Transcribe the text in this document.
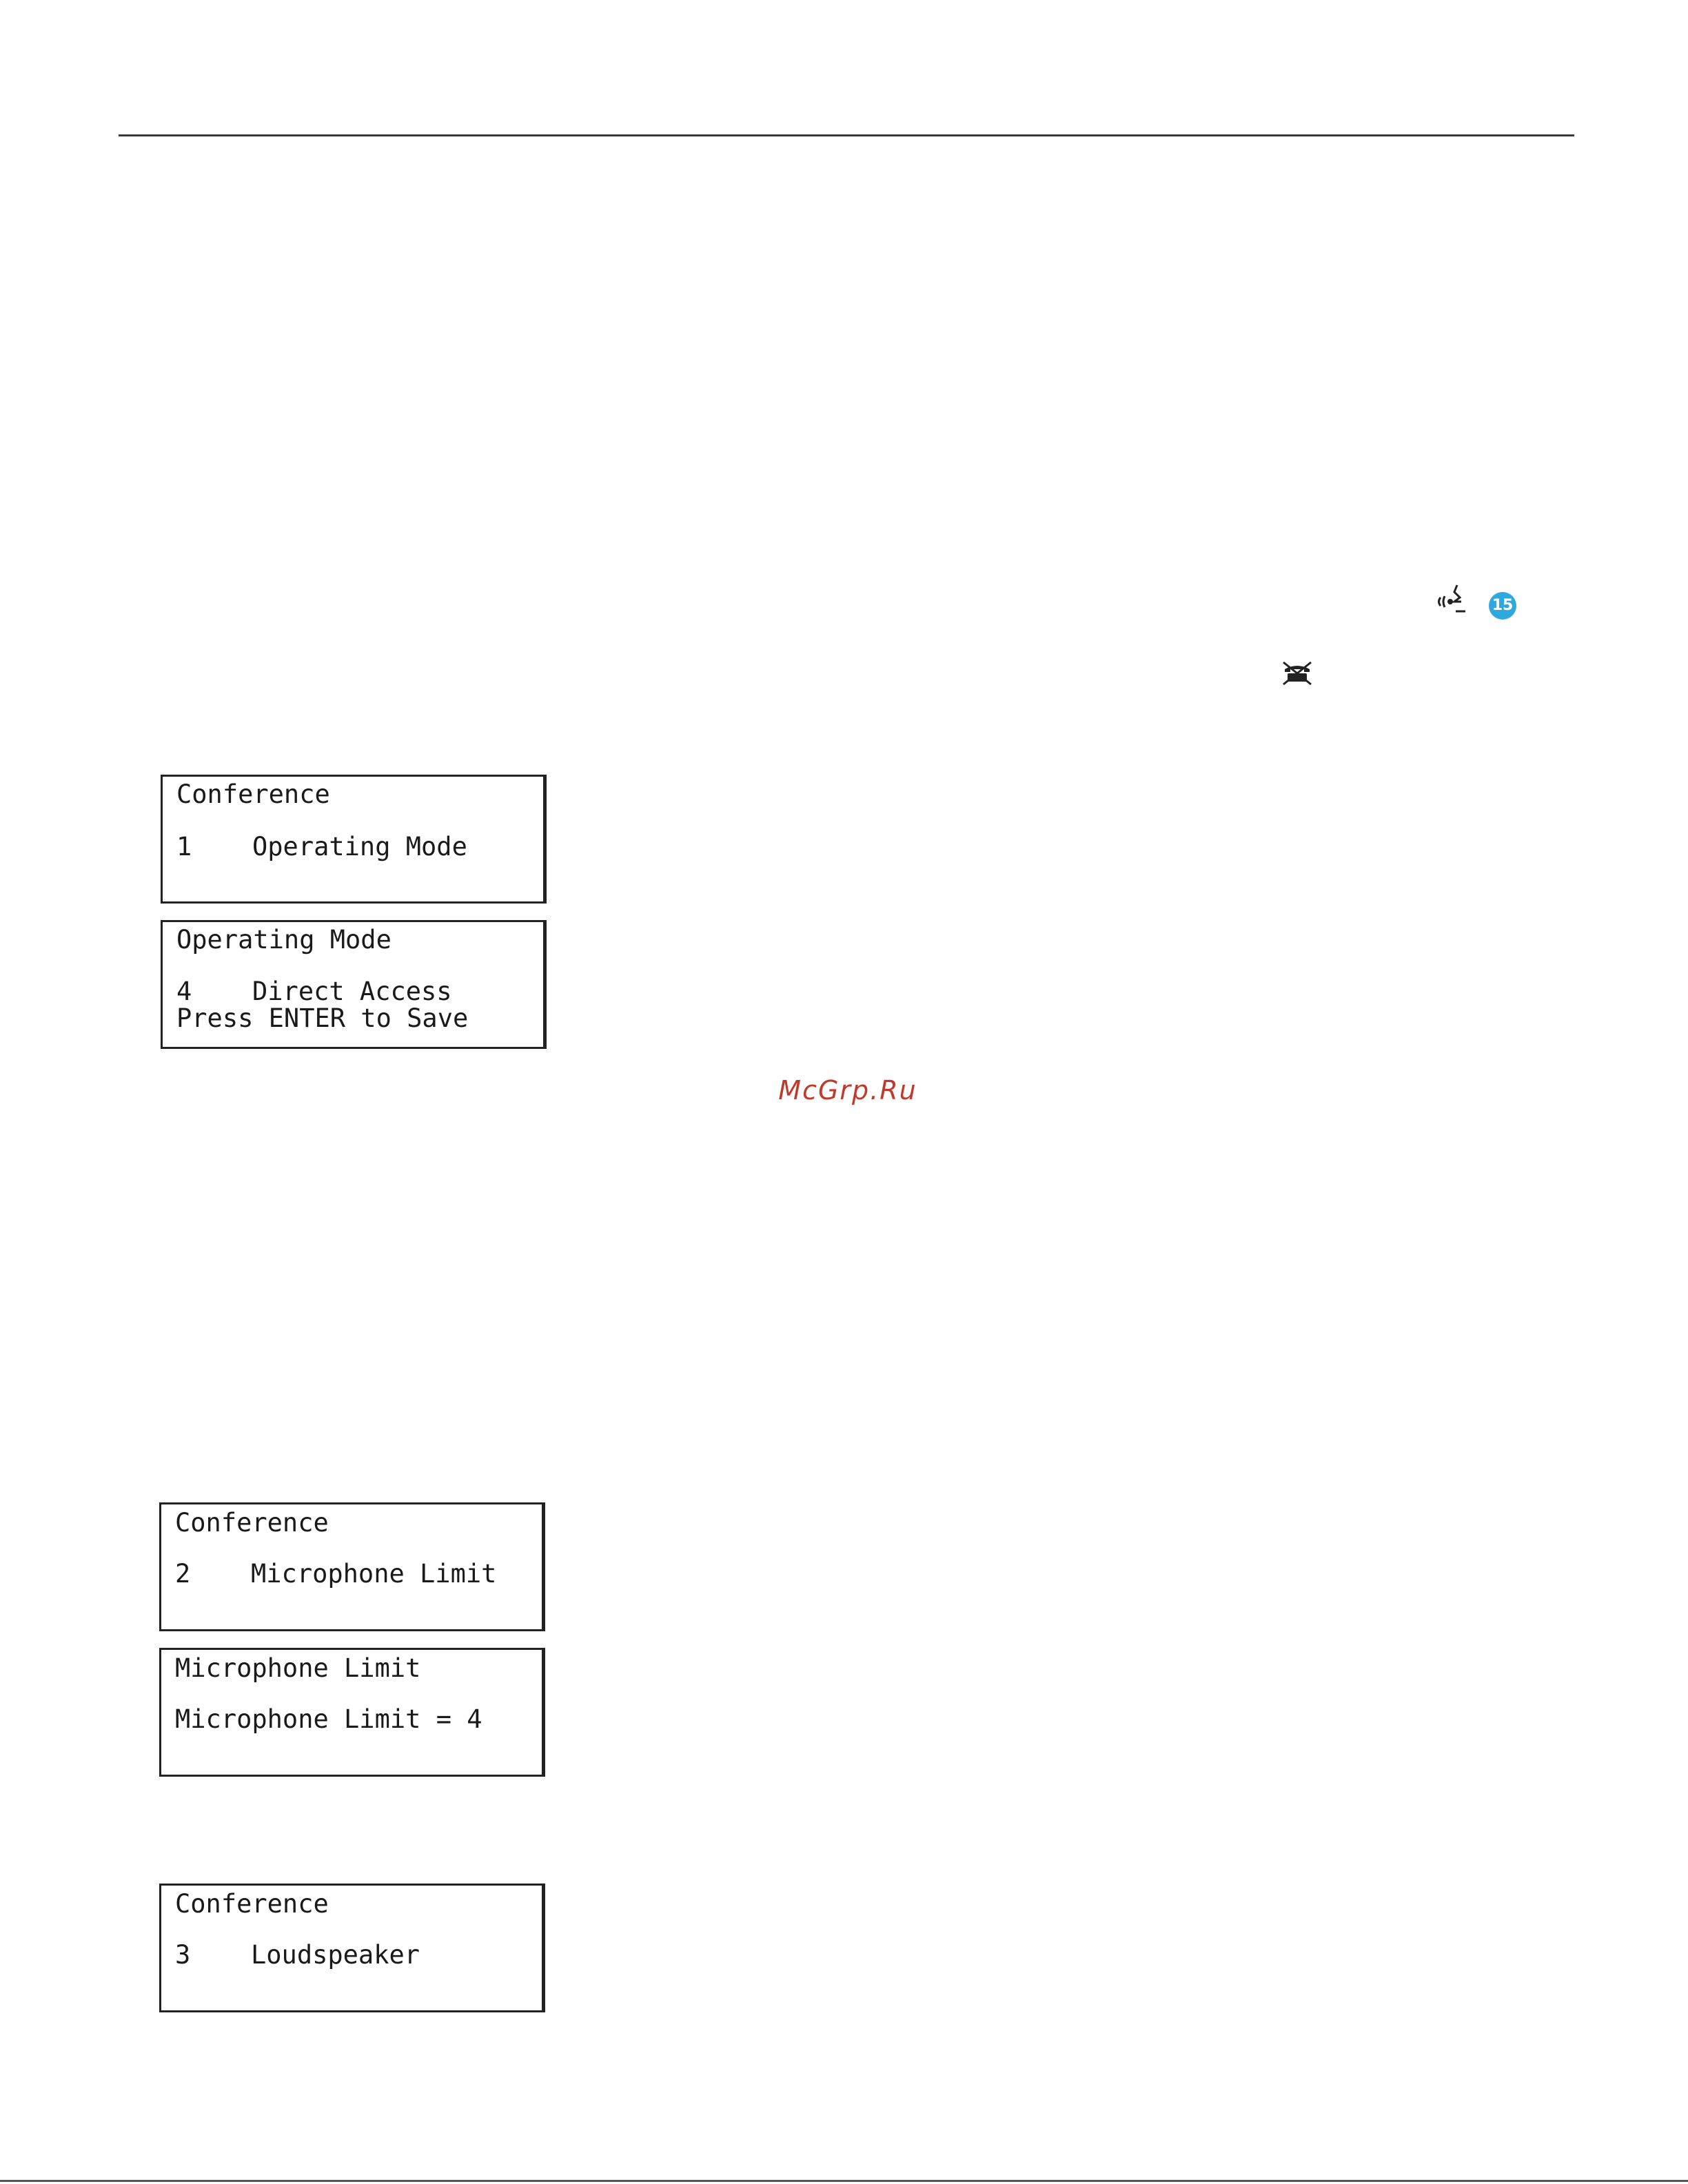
15

Conference

1 Operating Mode

Operating Mode

4 Direct Access

Press ENTER to Save

McGrp.Ru

Conference

2 Microphone Limit

Microphone Limit

Microphone Limit = 4

Conference

3 Loudspeaker
